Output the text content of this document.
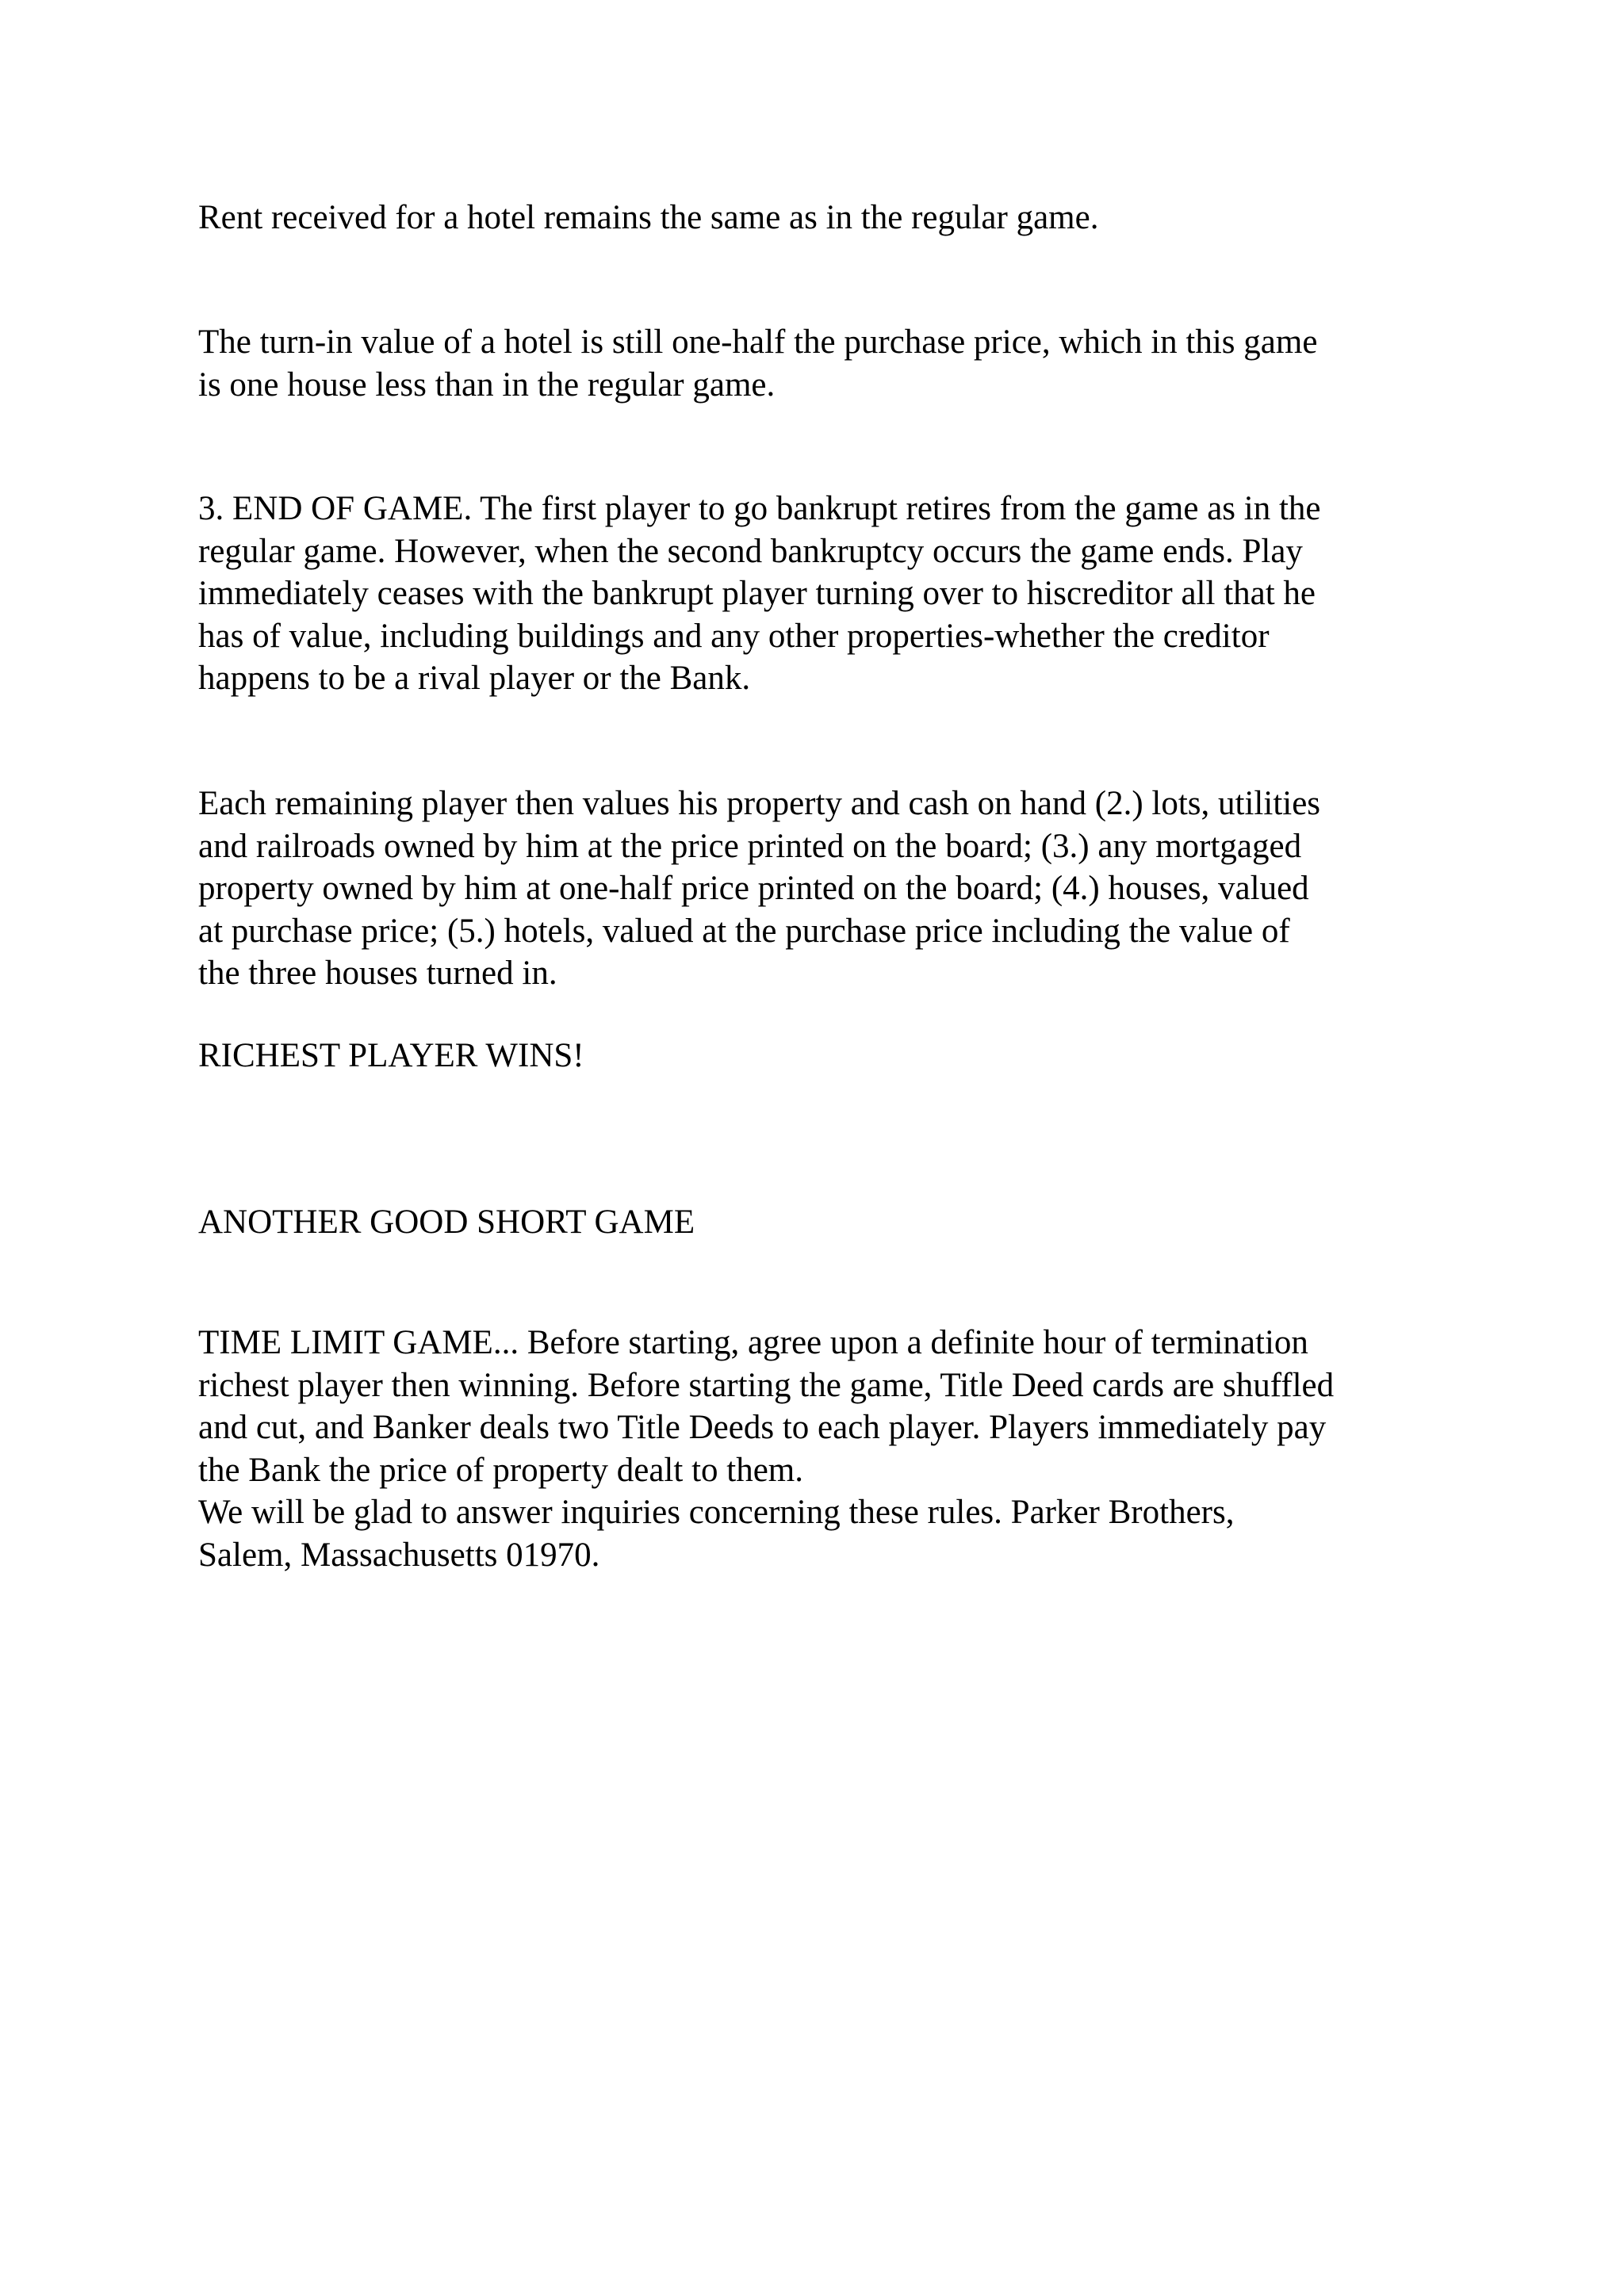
Rent received for a hotel remains the same as in the regular game.

The turn-in value of a hotel is still one-half the purchase price, which in this game
is one house less than in the regular game.

3. END OF GAME. The first player to go bankrupt retires from the game as in the
regular game. However, when the second bankruptcy occurs the game ends. Play
immediately ceases with the bankrupt player turning over to hiscreditor all that he
has of value, including buildings and any other properties-whether the creditor
happens to be a rival player or the Bank.

Each remaining player then values his property and cash on hand (2.) lots, utilities
and railroads owned by him at the price printed on the board; (3.) any mortgaged
property owned by him at one-half price printed on the board; (4.) houses, valued
at purchase price; (5.) hotels, valued at the purchase price including the value of
the three houses turned in.

RICHEST PLAYER WINS!

ANOTHER GOOD SHORT GAME

TIME LIMIT GAME... Before starting, agree upon a definite hour of termination
richest player then winning. Before starting the game, Title Deed cards are shuffled
and cut, and Banker deals two Title Deeds to each player. Players immediately pay
the Bank the price of property dealt to them.
We will be glad to answer inquiries concerning these rules. Parker Brothers,
Salem, Massachusetts 01970.
